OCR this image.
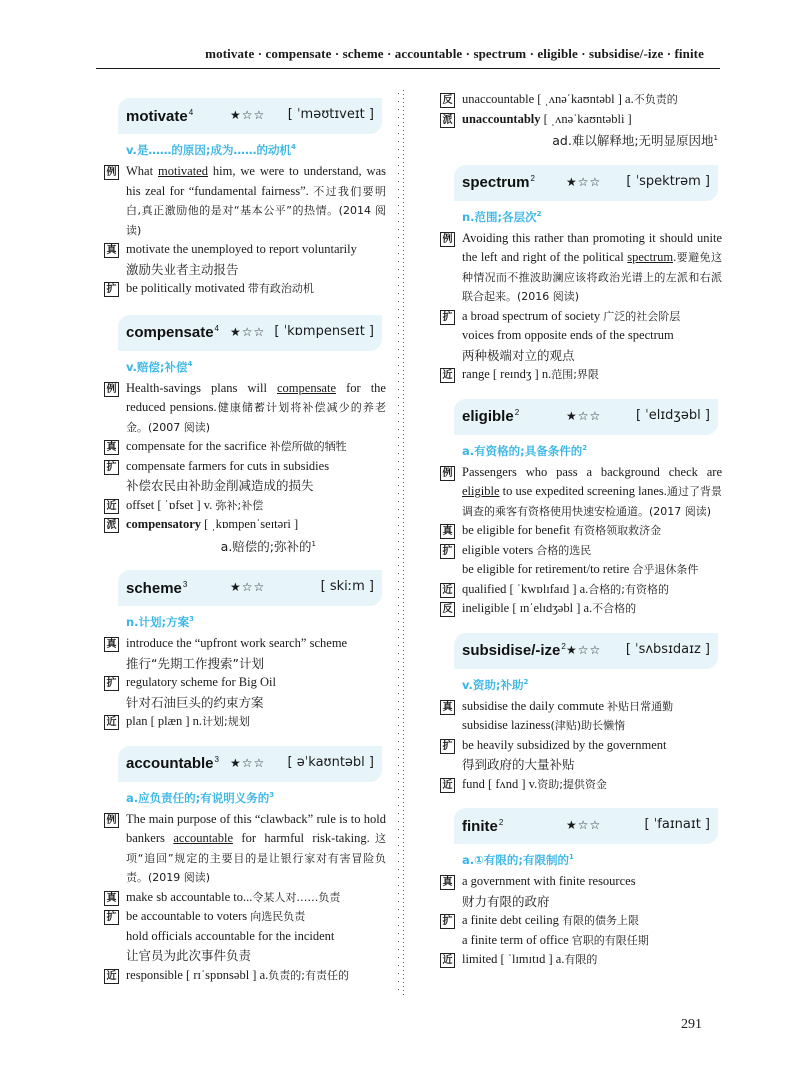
motivate · compensate · scheme · accountable · spectrum · eligible · subsidise/-ize · finite
motivate$^4$	★☆☆ [ ˈməʊtɪveɪt ]
v.是……的原因;成为……的动机$^4$
例 What motivated him, we were to understand, was his zeal for “fundamental fairness”. 不过我们要明白,真正激励他的是对“基本公平”的热情。(2014 阅读)
真 motivate the unemployed to report voluntarily
激励失业者主动报告
扩 be politically motivated 带有政治动机
compensate$^4$ ★☆☆ [ ˈkɒmpenseɪt ]
v.赔偿;补偿$^4$
例 Health-savings plans will compensate for the reduced pensions.健康储蓄计划将补偿减少的养老金。(2007 阅读)
真 compensate for the sacrifice 补偿所做的牺牲
扩 compensate farmers for cuts in subsidies
补偿农民由补助金削减造成的损失
近 offset [ ˈɒfset ] v. 弥补;补偿
派 compensatory [ ˌkɒmpenˈseɪtəri ]
a.赔偿的;弥补的$^1$
scheme$^3$	★☆☆	[ skiːm ]
n.计划;方案$^3$
真 introduce the “upfront work search” scheme
推行“先期工作搜索”计划
扩 regulatory scheme for Big Oil
针对石油巨头的约束方案
近 plan [ plæn ] n.计划;规划
accountable$^3$ ★☆☆ [ əˈkaʊntəbl ]
a.应负责任的;有说明义务的$^3$
例 The main purpose of this “clawback” rule is to hold bankers accountable for harmful risk-taking.这项“追回”规定的主要目的是让银行家对有害冒险负责。(2019 阅读)
真 make sb accountable to...令某人对……负责
扩 be accountable to voters 向选民负责
hold officials accountable for the incident
让官员为此次事件负责
近 responsible [ rɪˈspɒnsəbl ] a.负责的;有责任的
反 unaccountable [ ˌʌnəˈkaʊntəbl ] a.不负责的
派 unaccountably [ ˌʌnəˈkaʊntəbli ]
ad.难以解释地;无明显原因地$^1$
spectrum$^2$	★☆☆ [ ˈspektrəm ]
n.范围;各层次$^2$
例 Avoiding this rather than promoting it should unite the left and right of the political spectrum.要避免这种情况而不推波助澜应该将政治光谱上的左派和右派联合起来。(2016 阅读)
扩 a broad spectrum of society 广泛的社会阶层
voices from opposite ends of the spectrum
两种极端对立的观点
近 range [ reɪndʒ ] n.范围;界限
eligible$^2$	★☆☆	[ ˈelɪdʒəbl ]
a.有资格的;具备条件的$^2$
例 Passengers who pass a background check are eligible to use expedited screening lanes.通过了背景调查的乘客有资格使用快速安检通道。(2017 阅读)
真 be eligible for benefit 有资格领取救济金
扩 eligible voters 合格的选民
be eligible for retirement/to retire 合乎退休条件
近 qualified [ ˈkwɒlɪfaɪd ] a.合格的;有资格的
反 ineligible [ ɪnˈelɪdʒəbl ] a.不合格的
subsidise/-ize$^2$ ★☆☆ [ ˈsʌbsɪdaɪz ]
v.资助;补助$^2$
真 subsidise the daily commute 补贴日常通勤
subsidise laziness(津贴)助长懒惰
扩 be heavily subsidized by the government
得到政府的大量补贴
近 fund [ fʌnd ] v.资助;提供资金
finite$^2$	★☆☆	[ ˈfaɪnaɪt ]
a.①有限的;有限制的$^1$
真 a government with finite resources
财力有限的政府
扩 a finite debt ceiling 有限的债务上限
a finite term of office 官职的有限任期
近 limited [ ˈlɪmɪtɪd ] a.有限的
291
